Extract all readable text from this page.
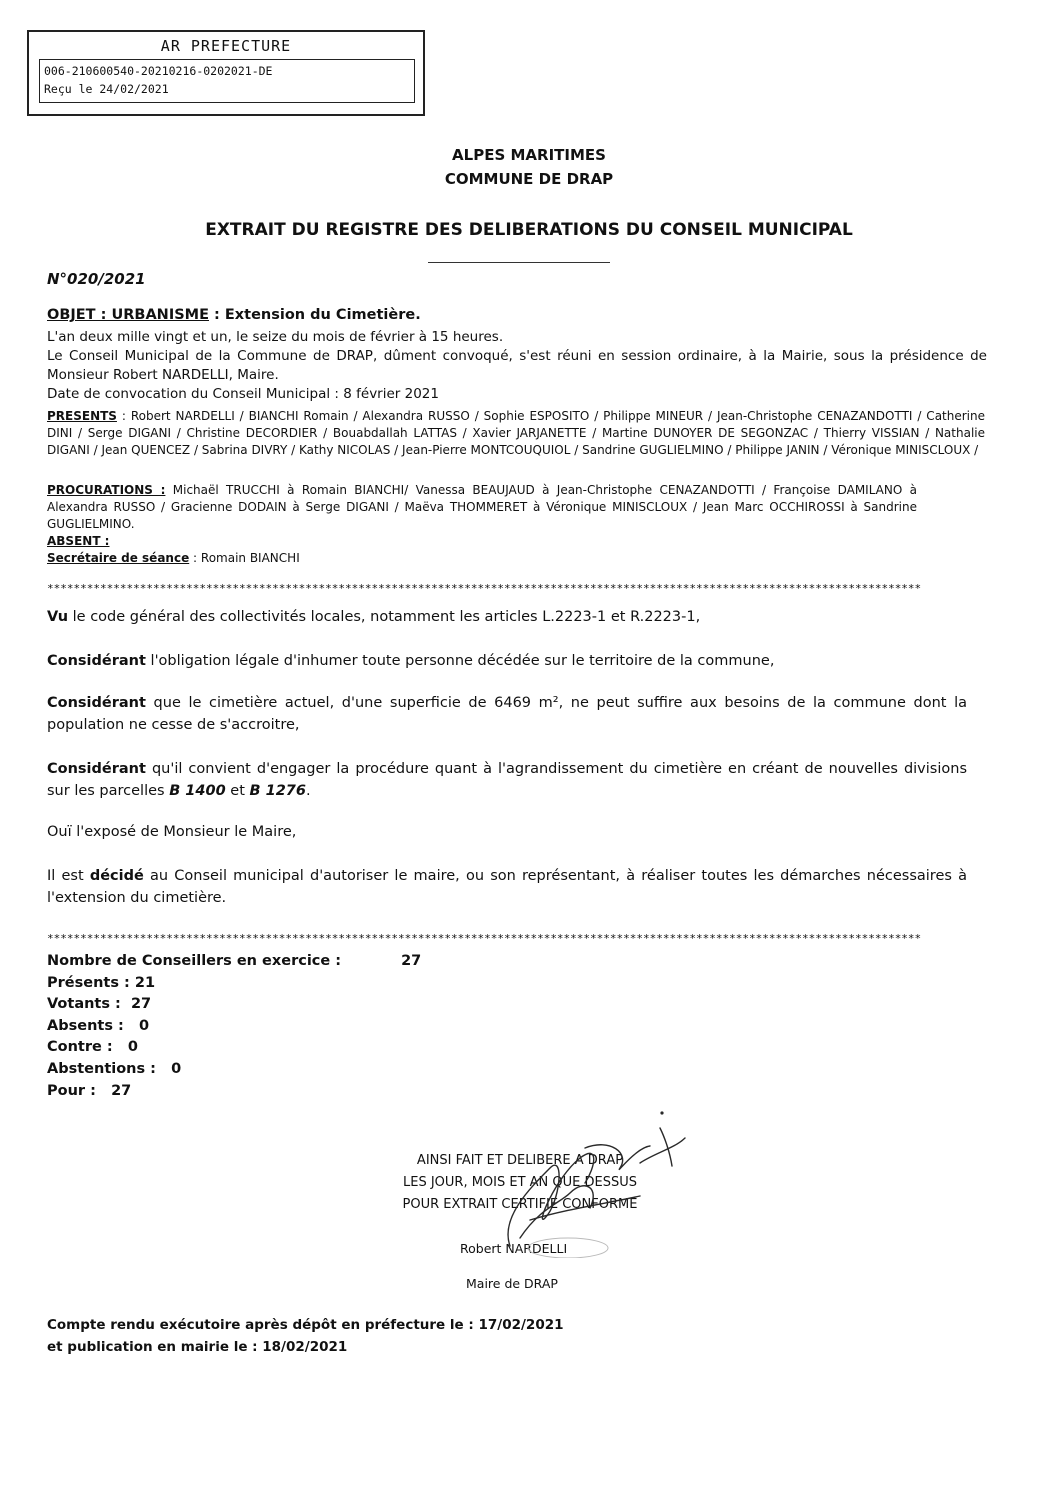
AR PREFECTURE
006-210600540-20210216-0202021-DE
Reçu le 24/02/2021
ALPES MARITIMES
COMMUNE DE DRAP
EXTRAIT DU REGISTRE DES DELIBERATIONS DU CONSEIL MUNICIPAL
N°020/2021
OBJET : URBANISME : Extension du Cimetière.
L'an deux mille vingt et un, le seize du mois de février à 15 heures.
Le Conseil Municipal de la Commune de DRAP, dûment convoqué, s'est réuni en session ordinaire, à la Mairie, sous la présidence de Monsieur Robert NARDELLI, Maire.
Date de convocation du Conseil Municipal : 8 février 2021
PRESENTS : Robert NARDELLI / BIANCHI Romain / Alexandra RUSSO / Sophie ESPOSITO / Philippe MINEUR / Jean-Christophe CENAZANDOTTI / Catherine DINI / Serge DIGANI / Christine DECORDIER / Bouabdallah LATTAS / Xavier JARJANETTE / Martine DUNOYER DE SEGONZAC / Thierry VISSIAN / Nathalie DIGANI / Jean QUENCEZ / Sabrina DIVRY / Kathy NICOLAS / Jean-Pierre MONTCOUQUIOL / Sandrine GUGLIELMINO / Philippe JANIN / Véronique MINISCLOUX /
PROCURATIONS : Michaël TRUCCHI à Romain BIANCHI/ Vanessa BEAUJAUD à Jean-Christophe CENAZANDOTTI / Françoise DAMILANO à Alexandra RUSSO / Gracienne DODAIN à Serge DIGANI / Maëva THOMMERET à Véronique MINISCLOUX / Jean Marc OCCHIROSSI à Sandrine GUGLIELMINO.
ABSENT :
Secrétaire de séance : Romain BIANCHI
************************************************************************************************************************************
Vu le code général des collectivités locales, notamment les articles L.2223-1 et R.2223-1,
Considérant l'obligation légale d'inhumer toute personne décédée sur le territoire de la commune,
Considérant que le cimetière actuel, d'une superficie de 6469 m², ne peut suffire aux besoins de la commune dont la population ne cesse de s'accroitre,
Considérant qu'il convient d'engager la procédure quant à l'agrandissement du cimetière en créant de nouvelles divisions sur les parcelles B 1400 et B 1276.
Ouï l'exposé de Monsieur le Maire,
Il est décidé au Conseil municipal d'autoriser le maire, ou son représentant, à réaliser toutes les démarches nécessaires à l'extension du cimetière.
************************************************************************************************************************************
Nombre de Conseillers en exercice :	27
Présents : 21
Votants : 27
Absents : 0
Contre : 0
Abstentions : 0
Pour : 27
AINSI FAIT ET DELIBERE A DRAP
LES JOUR, MOIS ET AN QUE DESSUS
POUR EXTRAIT CERTIFIE CONFORME
Robert NARDELLI
Maire de DRAP
Compte rendu exécutoire après dépôt en préfecture le : 17/02/2021
et publication en mairie le : 18/02/2021
